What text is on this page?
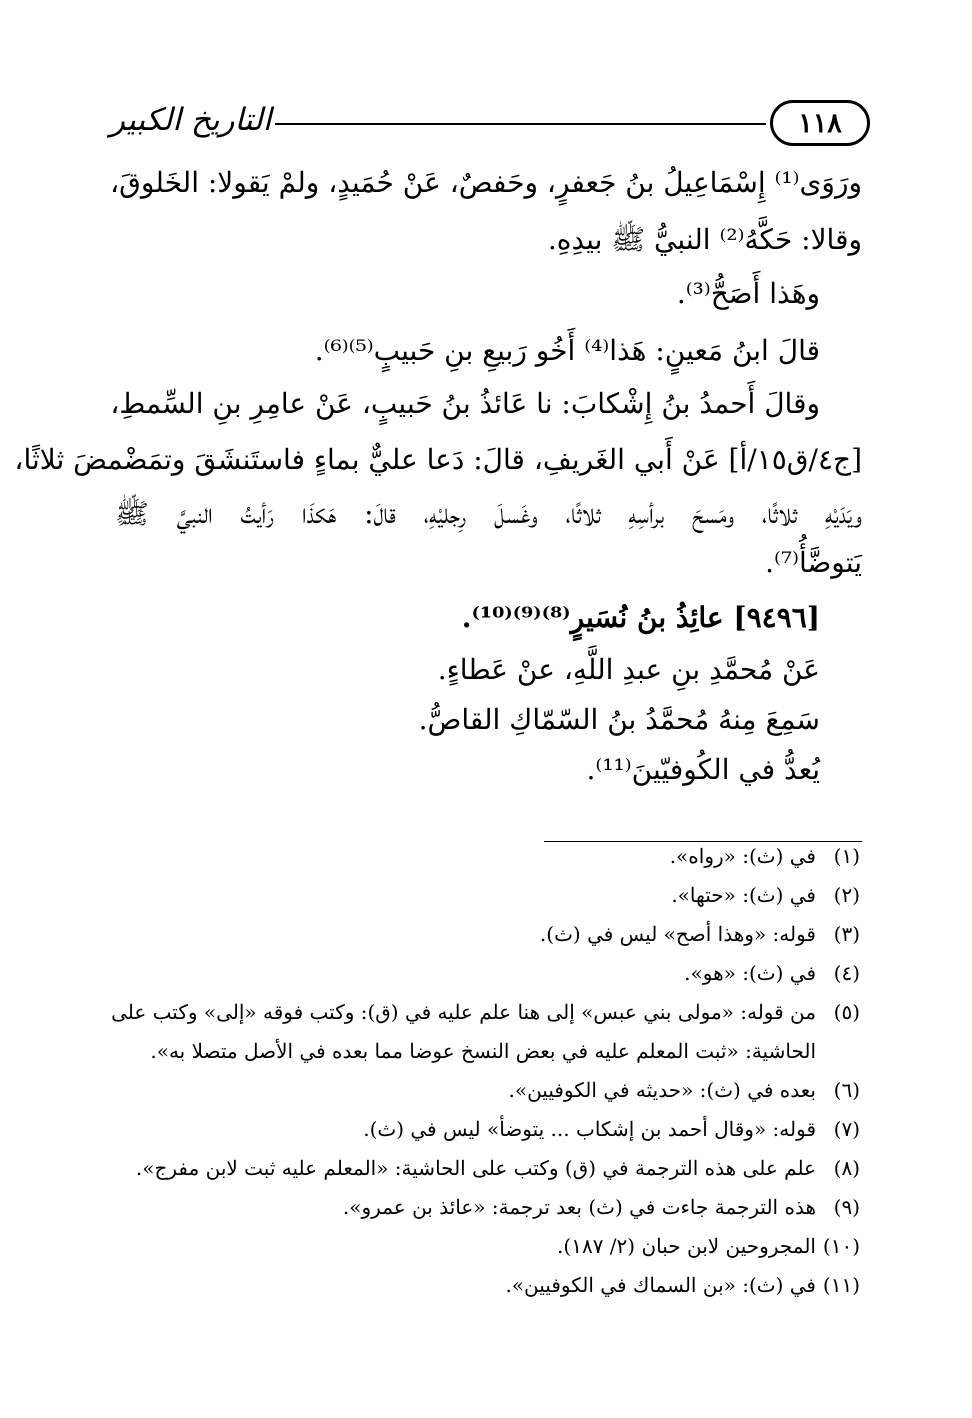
١١٨
التاريخ الكبير
ورَوَى⁽¹⁾ إِسْمَاعِيلُ بنُ جَعفرٍ، وحَفصٌ، عَنْ حُمَيدٍ، ولمْ يَقولا: الخَلوقَ،
وقالا: حَكَّهُ⁽²⁾ النبيُّ ﷺ بيدِهِ.
وهَذا أَصَحُّ⁽³⁾.
قالَ ابنُ مَعينٍ: هَذا⁽⁴⁾ أَخُو رَبيعِ بنِ حَبيبٍ⁽⁵⁾⁽⁶⁾.
وقالَ أَحمدُ بنُ إِشْكابَ: نا عَائذُ بنُ حَبيبٍ، عَنْ عامِرِ بنِ السِّمطِ،
[ج٤/ق١٥/أ] عَنْ أَبي الغَريفِ، قالَ: دَعا عليٌّ بماءٍ فاستَنشَقَ وتمَضْمضَ ثلاثًا،
ويَدَيْهِ ثلاثًا، ومَسحَ برأسِهِ ثلاثًا، وغَسلَ رِجليْهِ، قالَ: هَكذَا رَأيتُ النبيَّ ﷺ
يَتوضَّأُ⁽⁷⁾.
[٩٤٩٦] عائِذُ بنُ نُسَيرٍ⁽⁸⁾⁽⁹⁾⁽¹⁰⁾.
عَنْ مُحمَّدِ بنِ عبدِ اللَّهِ، عنْ عَطاءٍ.
سَمِعَ مِنهُ مُحمَّدُ بنُ السّمّاكِ القاصُّ.
يُعدُّ في الكُوفيّينَ⁽¹¹⁾.
(١)في (ث): «رواه».
(٢)في (ث): «حتها».
(٣)قوله: «وهذا أصح» ليس في (ث).
(٤)في (ث): «هو».
(٥)من قوله: «مولى بني عبس» إلى هنا علم عليه في (ق): وكتب فوقه «إلى» وكتب على
الحاشية: «ثبت المعلم عليه في بعض النسخ عوضا مما بعده في الأصل متصلا به».
(٦)بعده في (ث): «حديثه في الكوفيين».
(٧)قوله: «وقال أحمد بن إشكاب ... يتوضأ» ليس في (ث).
(٨)علم على هذه الترجمة في (ق) وكتب على الحاشية: «المعلم عليه ثبت لابن مفرج».
(٩)هذه الترجمة جاءت في (ث) بعد ترجمة: «عائذ بن عمرو».
(١٠)المجروحين لابن حبان (٢/ ١٨٧).
(١١)في (ث): «بن السماك في الكوفيين».
